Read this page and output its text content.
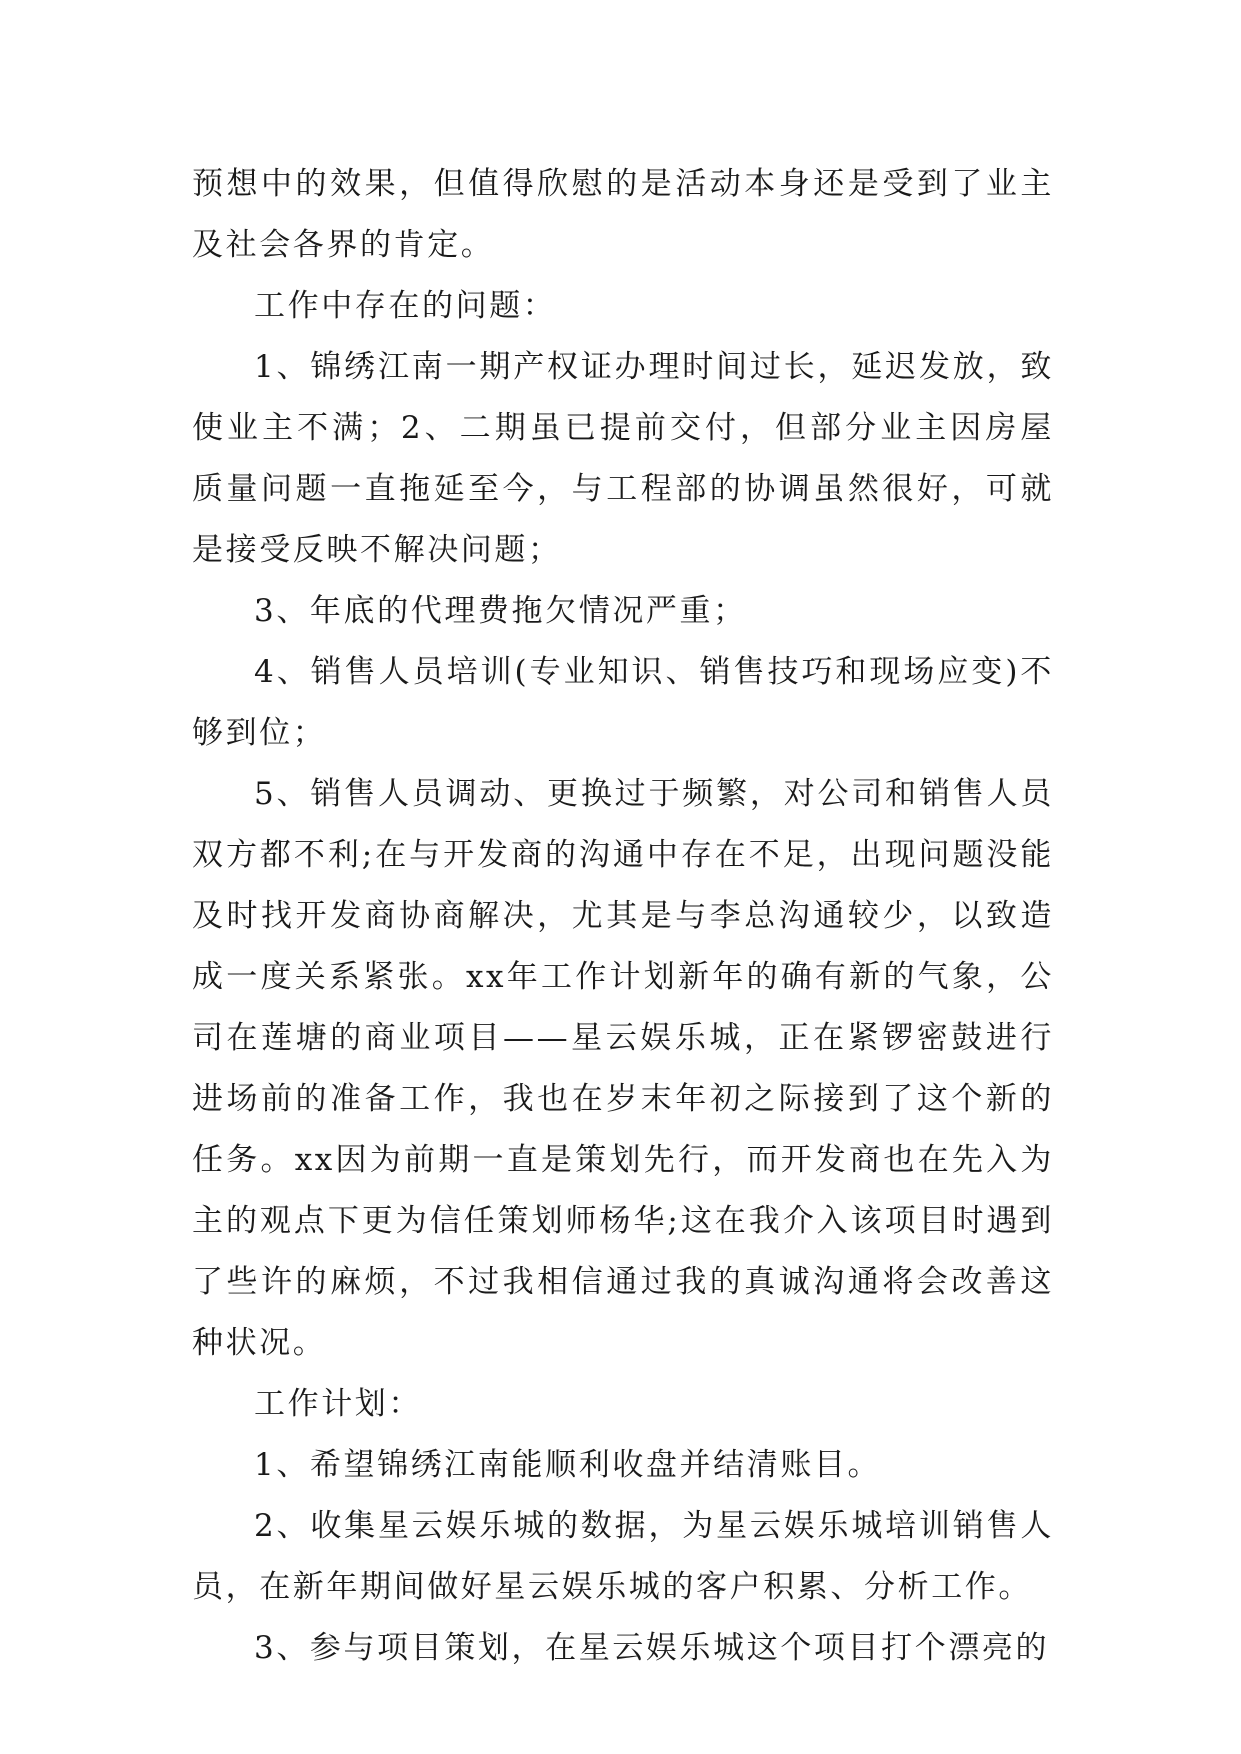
预想中的效果，但值得欣慰的是活动本身还是受到了业主及社会各界的肯定。

工作中存在的问题：

1、锦绣江南一期产权证办理时间过长，延迟发放，致使业主不满；2、二期虽已提前交付，但部分业主因房屋质量问题一直拖延至今，与工程部的协调虽然很好，可就是接受反映不解决问题；

3、年底的代理费拖欠情况严重；

4、销售人员培训(专业知识、销售技巧和现场应变)不够到位；

5、销售人员调动、更换过于频繁，对公司和销售人员双方都不利;在与开发商的沟通中存在不足，出现问题没能及时找开发商协商解决，尤其是与李总沟通较少，以致造成一度关系紧张。xx年工作计划新年的确有新的气象，公司在莲塘的商业项目——星云娱乐城，正在紧锣密鼓进行进场前的准备工作，我也在岁末年初之际接到了这个新的任务。xx因为前期一直是策划先行，而开发商也在先入为主的观点下更为信任策划师杨华;这在我介入该项目时遇到了些许的麻烦，不过我相信通过我的真诚沟通将会改善这种状况。

工作计划：

1、希望锦绣江南能顺利收盘并结清账目。

2、收集星云娱乐城的数据，为星云娱乐城培训销售人员，在新年期间做好星云娱乐城的客户积累、分析工作。

3、参与项目策划，在星云娱乐城这个项目打个漂亮的
